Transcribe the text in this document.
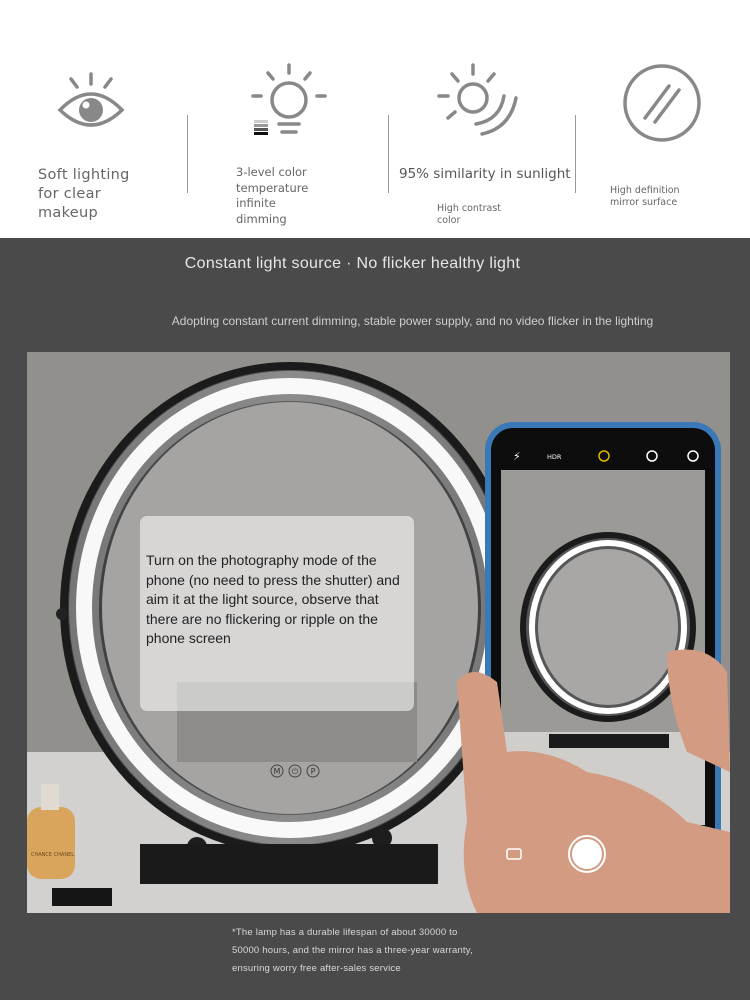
Soft lighting
for clear
makeup
3-level color
temperature
infinite
dimming
95% similarity in sunlight
High contrast
color
High definition
mirror surface
Constant light source · No flicker healthy light
Adopting constant current dimming, stable power supply, and no video flicker in the lighting
M ⏻ P
CHANCE CHANEL
⚡	HDR
Turn on the photography mode of the phone (no need to press the shutter) and aim it at the light source, observe that there are no flickering or ripple on the phone screen
*The lamp has a durable lifespan of about 30000 to
50000 hours, and the mirror has a three-year warranty,
ensuring worry free after-sales service
